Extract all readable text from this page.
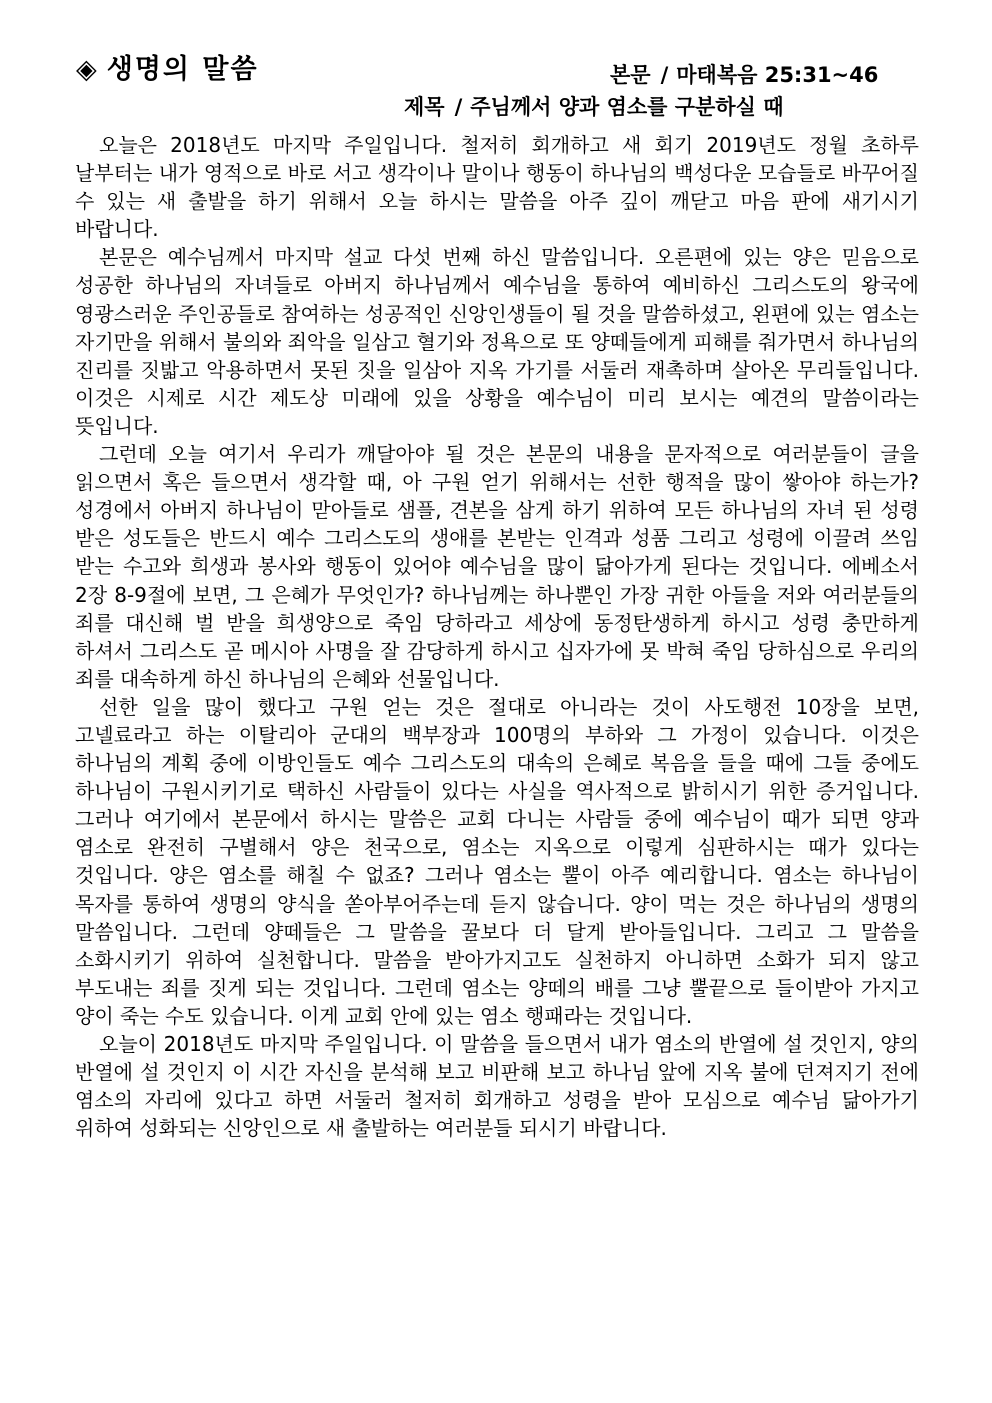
◈ 생명의 말씀	본문 / 마태복음 25:31~46
제목 / 주님께서 양과 염소를 구분하실 때

오늘은 2018년도 마지막 주일입니다. 철저히 회개하고 새 회기 2019년도 정월 초하루 날부터는 내가 영적으로 바로 서고 생각이나 말이나 행동이 하나님의 백성다운 모습들로 바꾸어질 수 있는 새 출발을 하기 위해서 오늘 하시는 말씀을 아주 깊이 깨닫고 마음 판에 새기시기 바랍니다.

본문은 예수님께서 마지막 설교 다섯 번째 하신 말씀입니다. 오른편에 있는 양은 믿음으로 성공한 하나님의 자녀들로 아버지 하나님께서 예수님을 통하여 예비하신 그리스도의 왕국에 영광스러운 주인공들로 참여하는 성공적인 신앙인생들이 될 것을 말씀하셨고, 왼편에 있는 염소는 자기만을 위해서 불의와 죄악을 일삼고 혈기와 정욕으로 또 양떼들에게 피해를 줘가면서 하나님의 진리를 짓밟고 악용하면서 못된 짓을 일삼아 지옥 가기를 서둘러 재촉하며 살아온 무리들입니다. 이것은 시제로 시간 제도상 미래에 있을 상황을 예수님이 미리 보시는 예견의 말씀이라는 뜻입니다.

그런데 오늘 여기서 우리가 깨달아야 될 것은 본문의 내용을 문자적으로 여러분들이 글을 읽으면서 혹은 들으면서 생각할 때, 아 구원 얻기 위해서는 선한 행적을 많이 쌓아야 하는가? 성경에서 아버지 하나님이 맏아들로 샘플, 견본을 삼게 하기 위하여 모든 하나님의 자녀 된 성령 받은 성도들은 반드시 예수 그리스도의 생애를 본받는 인격과 성품 그리고 성령에 이끌려 쓰임 받는 수고와 희생과 봉사와 행동이 있어야 예수님을 많이 닮아가게 된다는 것입니다. 에베소서 2장 8-9절에 보면, 그 은혜가 무엇인가? 하나님께는 하나뿐인 가장 귀한 아들을 저와 여러분들의 죄를 대신해 벌 받을 희생양으로 죽임 당하라고 세상에 동정탄생하게 하시고 성령 충만하게 하셔서 그리스도 곧 메시아 사명을 잘 감당하게 하시고 십자가에 못 박혀 죽임 당하심으로 우리의 죄를 대속하게 하신 하나님의 은혜와 선물입니다.

선한 일을 많이 했다고 구원 얻는 것은 절대로 아니라는 것이 사도행전 10장을 보면, 고넬료라고 하는 이탈리아 군대의 백부장과 100명의 부하와 그 가정이 있습니다. 이것은 하나님의 계획 중에 이방인들도 예수 그리스도의 대속의 은혜로 복음을 들을 때에 그들 중에도 하나님이 구원시키기로 택하신 사람들이 있다는 사실을 역사적으로 밝히시기 위한 증거입니다. 그러나 여기에서 본문에서 하시는 말씀은 교회 다니는 사람들 중에 예수님이 때가 되면 양과 염소로 완전히 구별해서 양은 천국으로, 염소는 지옥으로 이렇게 심판하시는 때가 있다는 것입니다. 양은 염소를 해칠 수 없죠? 그러나 염소는 뿔이 아주 예리합니다. 염소는 하나님이 목자를 통하여 생명의 양식을 쏟아부어주는데 듣지 않습니다. 양이 먹는 것은 하나님의 생명의 말씀입니다. 그런데 양떼들은 그 말씀을 꿀보다 더 달게 받아들입니다. 그리고 그 말씀을 소화시키기 위하여 실천합니다. 말씀을 받아가지고도 실천하지 아니하면 소화가 되지 않고 부도내는 죄를 짓게 되는 것입니다. 그런데 염소는 양떼의 배를 그냥 뿔끝으로 들이받아 가지고 양이 죽는 수도 있습니다. 이게 교회 안에 있는 염소 행패라는 것입니다.

오늘이 2018년도 마지막 주일입니다. 이 말씀을 들으면서 내가 염소의 반열에 설 것인지, 양의 반열에 설 것인지 이 시간 자신을 분석해 보고 비판해 보고 하나님 앞에 지옥 불에 던져지기 전에 염소의 자리에 있다고 하면 서둘러 철저히 회개하고 성령을 받아 모심으로 예수님 닮아가기 위하여 성화되는 신앙인으로 새 출발하는 여러분들 되시기 바랍니다.
